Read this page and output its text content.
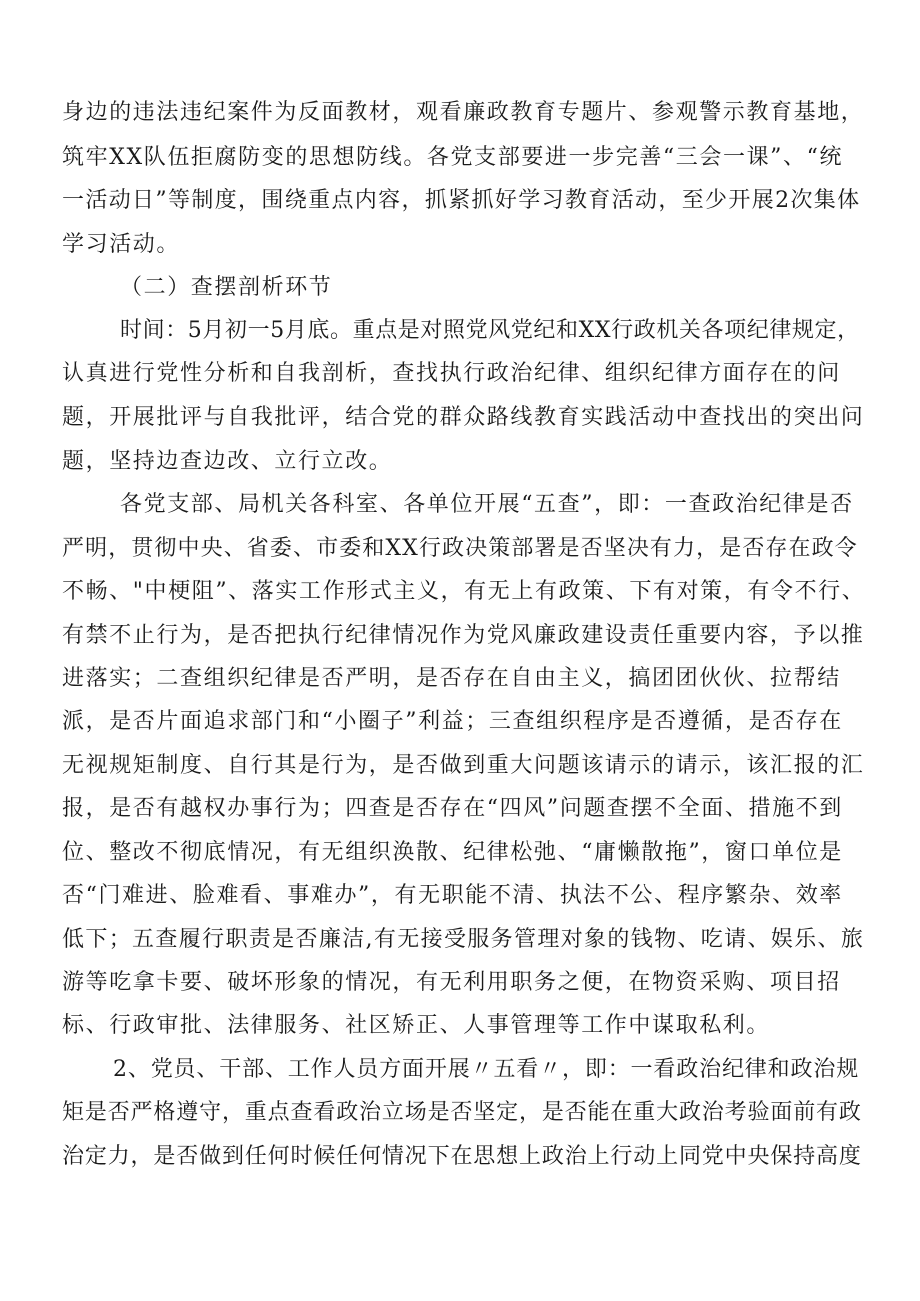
身边的违法违纪案件为反面教材，观看廉政教育专题片、参观警示教育基地，
筑牢XX队伍拒腐防变的思想防线。各党支部要进一步完善“三会一课”、“统
一活动日”等制度，围绕重点内容，抓紧抓好学习教育活动，至少开展2次集体
学习活动。
（二）查摆剖析环节
时间：5月初一5月底。重点是对照党风党纪和XX行政机关各项纪律规定，
认真进行党性分析和自我剖析，查找执行政治纪律、组织纪律方面存在的问
题，开展批评与自我批评，结合党的群众路线教育实践活动中查找出的突出问
题，坚持边查边改、立行立改。
各党支部、局机关各科室、各单位开展“五查”，即：一查政治纪律是否
严明，贯彻中央、省委、市委和XX行政决策部署是否坚决有力，是否存在政令
不畅、"中梗阻”、落实工作形式主义，有无上有政策、下有对策，有令不行、
有禁不止行为，是否把执行纪律情况作为党风廉政建设责任重要内容，予以推
进落实；二查组织纪律是否严明，是否存在自由主义，搞团团伙伙、拉帮结
派，是否片面追求部门和“小圈子”利益；三查组织程序是否遵循，是否存在
无视规矩制度、自行其是行为，是否做到重大问题该请示的请示，该汇报的汇
报，是否有越权办事行为；四查是否存在“四风”问题查摆不全面、措施不到
位、整改不彻底情况，有无组织涣散、纪律松弛、“庸懒散拖”，窗口单位是
否“门难进、脸难看、事难办”，有无职能不清、执法不公、程序繁杂、效率
低下；五查履行职责是否廉洁,有无接受服务管理对象的钱物、吃请、娱乐、旅
游等吃拿卡要、破坏形象的情况，有无利用职务之便，在物资采购、项目招
标、行政审批、法律服务、社区矫正、人事管理等工作中谋取私利。
2、党员、干部、工作人员方面开展〃五看〃，即：一看政治纪律和政治规
矩是否严格遵守，重点查看政治立场是否坚定，是否能在重大政治考验面前有政
治定力，是否做到任何时候任何情况下在思想上政治上行动上同党中央保持高度
